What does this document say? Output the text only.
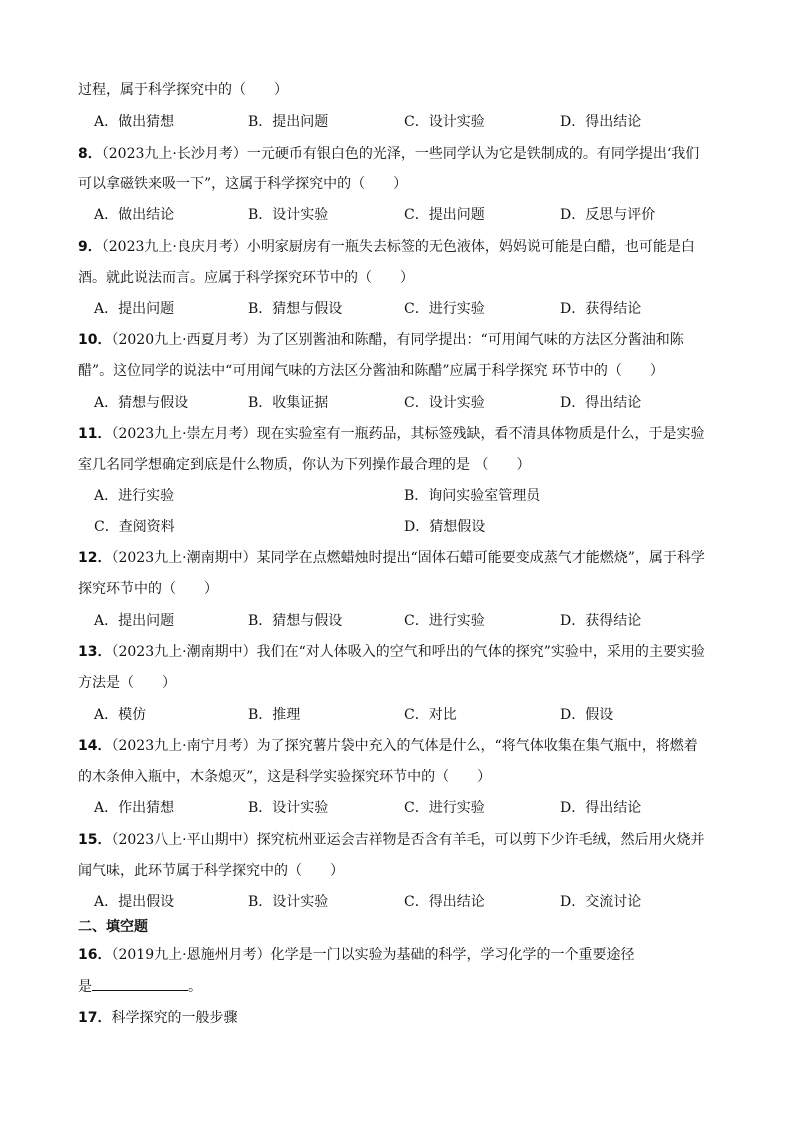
过程，属于科学探究中的（　　）
A．做出猜想	B．提出问题	C．设计实验	D．得出结论
8．（2023九上·长沙月考）一元硬币有银白色的光泽，一些同学认为它是铁制成的。有同学提出‘我们
可以拿磁铁来吸一下”，这属于科学探究中的（　　）
A．做出结论	B．设计实验	C．提出问题	D．反思与评价
9．（2023九上·良庆月考）小明家厨房有一瓶失去标签的无色液体，妈妈说可能是白醋，也可能是白
酒。就此说法而言。应属于科学探究环节中的（　　）
A．提出问题	B．猜想与假设	C．进行实验	D．获得结论
10．（2020九上·西夏月考）为了区别酱油和陈醋，有同学提出：“可用闻气味的方法区分酱油和陈
醋”。这位同学的说法中“可用闻气味的方法区分酱油和陈醋”应属于科学探究 环节中的（　　）
A．猜想与假设	B．收集证据	C．设计实验	D．得出结论
11．（2023九上·崇左月考）现在实验室有一瓶药品，其标签残缺，看不清具体物质是什么，于是实验
室几名同学想确定到底是什么物质，你认为下列操作最合理的是 （　　）
A．进行实验	B．询问实验室管理员
C．查阅资料	D．猜想假设
12．（2023九上·潮南期中）某同学在点燃蜡烛时提出“固体石蜡可能要变成蒸气才能燃烧”，属于科学
探究环节中的（　　）
A．提出问题	B．猜想与假设	C．进行实验	D．获得结论
13．（2023九上·潮南期中）我们在“对人体吸入的空气和呼出的气体的探究”实验中，采用的主要实验
方法是（　　）
A．模仿	B．推理	C．对比	D．假设
14．（2023九上·南宁月考）为了探究薯片袋中充入的气体是什么，“将气体收集在集气瓶中，将燃着
的木条伸入瓶中，木条熄灭”，这是科学实验探究环节中的（　　）
A．作出猜想	B．设计实验	C．进行实验	D．得出结论
15．（2023八上·平山期中）探究杭州亚运会吉祥物是否含有羊毛，可以剪下少许毛绒，然后用火烧并
闻气味，此环节属于科学探究中的（　　）
A．提出假设	B．设计实验	C．得出结论	D．交流讨论
二、填空题
16．（2019九上·恩施州月考）化学是一门以实验为基础的科学，学习化学的一个重要途径
是	。
17．科学探究的一般步骤
